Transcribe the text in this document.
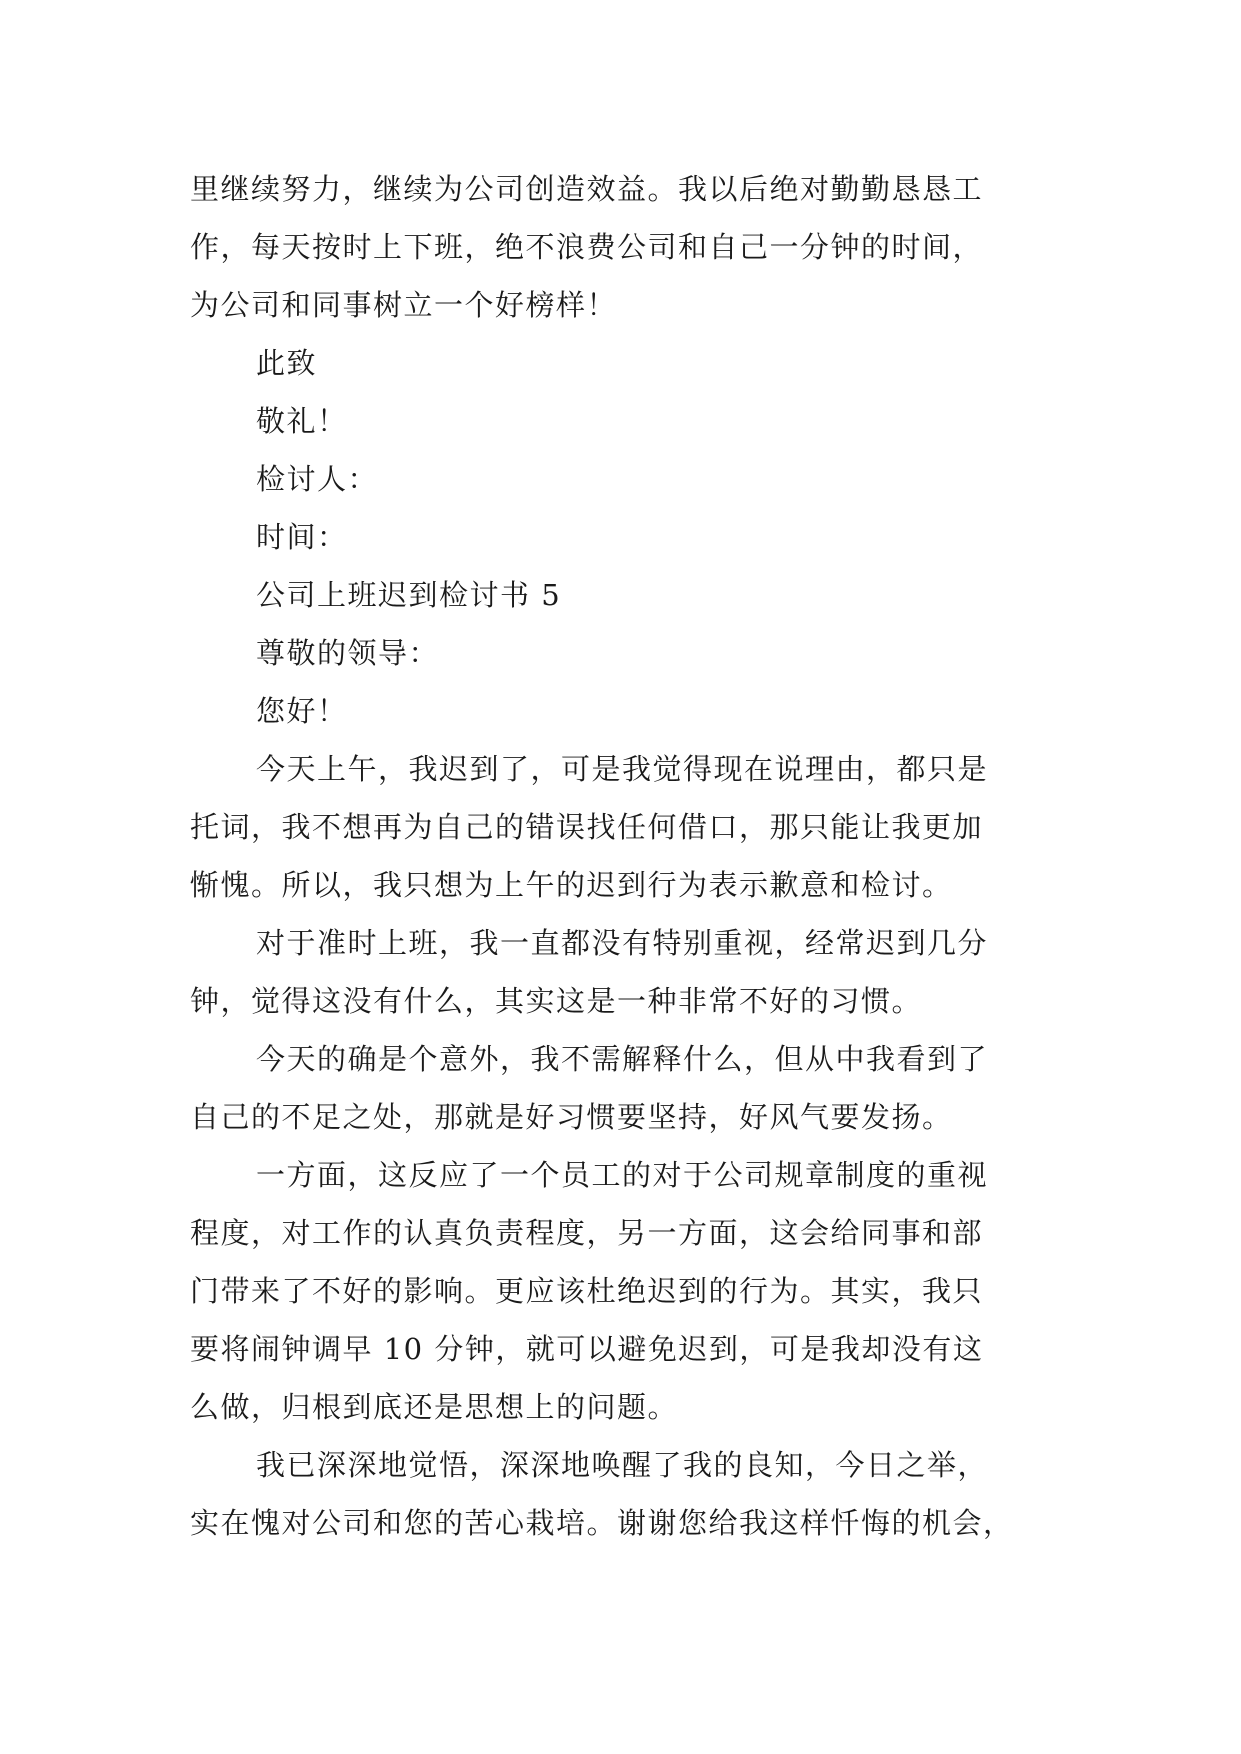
里继续努力，继续为公司创造效益。我以后绝对勤勤恳恳工
作，每天按时上下班，绝不浪费公司和自己一分钟的时间，
为公司和同事树立一个好榜样！
此致
敬礼！
检讨人：
时间：
公司上班迟到检讨书 5
尊敬的领导：
您好！
今天上午，我迟到了，可是我觉得现在说理由，都只是
托词，我不想再为自己的错误找任何借口，那只能让我更加
惭愧。所以，我只想为上午的迟到行为表示歉意和检讨。
对于准时上班，我一直都没有特别重视，经常迟到几分
钟，觉得这没有什么，其实这是一种非常不好的习惯。
今天的确是个意外，我不需解释什么，但从中我看到了
自己的不足之处，那就是好习惯要坚持，好风气要发扬。
一方面，这反应了一个员工的对于公司规章制度的重视
程度，对工作的认真负责程度，另一方面，这会给同事和部
门带来了不好的影响。更应该杜绝迟到的行为。其实，我只
要将闹钟调早 10 分钟，就可以避免迟到，可是我却没有这
么做，归根到底还是思想上的问题。
我已深深地觉悟，深深地唤醒了我的良知，今日之举，
实在愧对公司和您的苦心栽培。谢谢您给我这样忏悔的机会，
